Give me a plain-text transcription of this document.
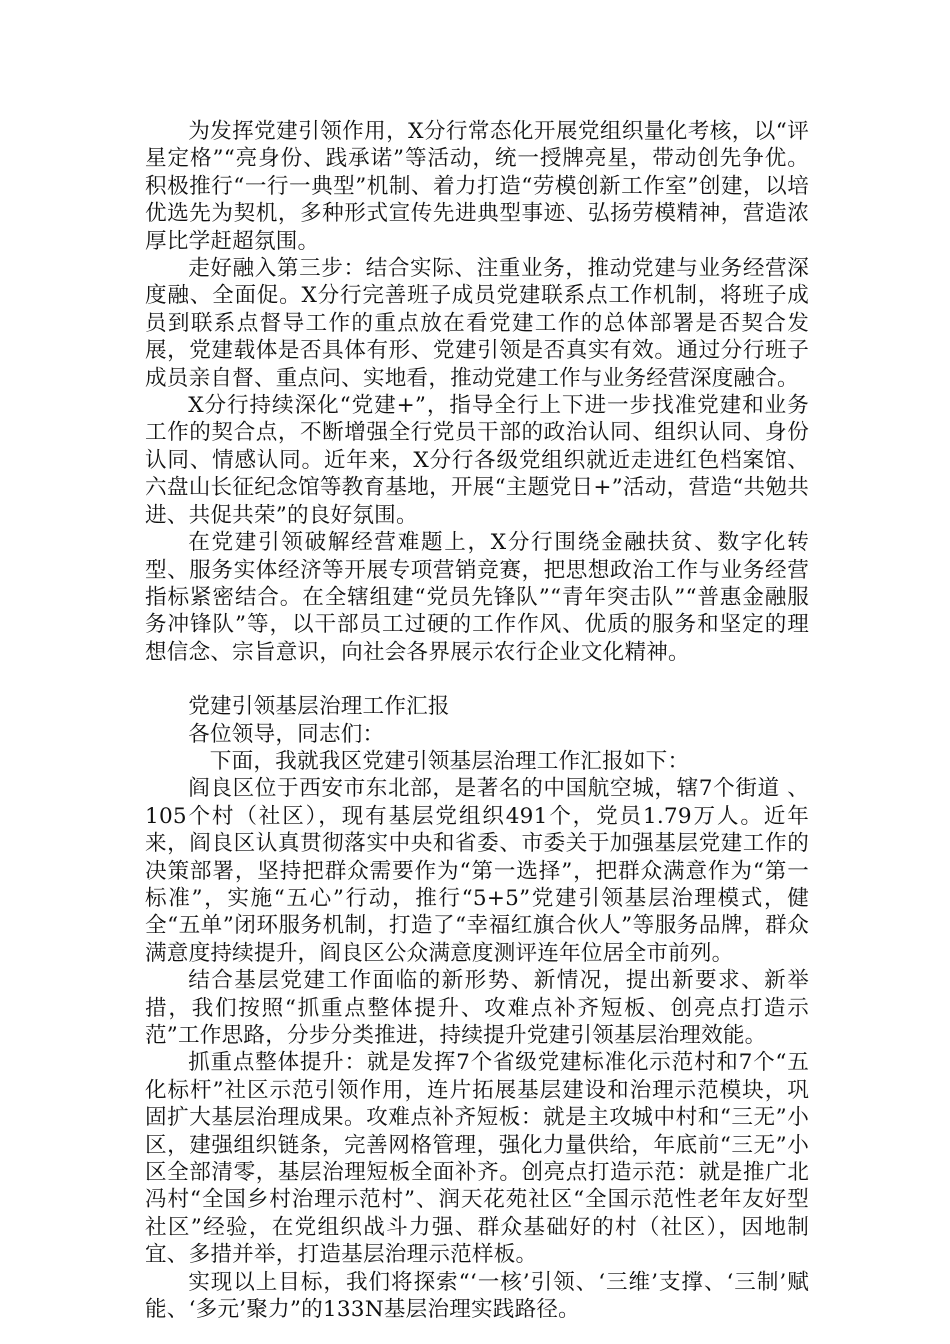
为发挥党建引领作用，X分行常态化开展党组织量化考核，以“评星定格”“亮身份、践承诺”等活动，统一授牌亮星，带动创先争优。积极推行“一行一典型”机制、着力打造“劳模创新工作室”创建，以培优选先为契机，多种形式宣传先进典型事迹、弘扬劳模精神，营造浓厚比学赶超氛围。

走好融入第三步：结合实际、注重业务，推动党建与业务经营深度融、全面促。X分行完善班子成员党建联系点工作机制，将班子成员到联系点督导工作的重点放在看党建工作的总体部署是否契合发展，党建载体是否具体有形、党建引领是否真实有效。通过分行班子成员亲自督、重点问、实地看，推动党建工作与业务经营深度融合。

X分行持续深化“党建+”，指导全行上下进一步找准党建和业务工作的契合点，不断增强全行党员干部的政治认同、组织认同、身份认同、情感认同。近年来，X分行各级党组织就近走进红色档案馆、六盘山长征纪念馆等教育基地，开展“主题党日+”活动，营造“共勉共进、共促共荣”的良好氛围。

在党建引领破解经营难题上，X分行围绕金融扶贫、数字化转型、服务实体经济等开展专项营销竞赛，把思想政治工作与业务经营指标紧密结合。在全辖组建“党员先锋队”“青年突击队”“普惠金融服务冲锋队”等，以干部员工过硬的工作作风、优质的服务和坚定的理想信念、宗旨意识，向社会各界展示农行企业文化精神。

党建引领基层治理工作汇报

各位领导，同志们：

下面，我就我区党建引领基层治理工作汇报如下：

阎良区位于西安市东北部，是著名的中国航空城，辖7个街道 、105个村（社区），现有基层党组织491个，党员1.79万人。近年来，阎良区认真贯彻落实中央和省委、市委关于加强基层党建工作的决策部署，坚持把群众需要作为“第一选择”，把群众满意作为“第一标准”，实施“五心”行动，推行“5+5”党建引领基层治理模式，健全“五单”闭环服务机制，打造了“幸福红旗合伙人”等服务品牌，群众满意度持续提升，阎良区公众满意度测评连年位居全市前列。

结合基层党建工作面临的新形势、新情况，提出新要求、新举措，我们按照“抓重点整体提升、攻难点补齐短板、创亮点打造示范”工作思路，分步分类推进，持续提升党建引领基层治理效能。

抓重点整体提升：就是发挥7个省级党建标准化示范村和7个“五化标杆”社区示范引领作用，连片拓展基层建设和治理示范模块，巩固扩大基层治理成果。攻难点补齐短板：就是主攻城中村和“三无”小区，建强组织链条，完善网格管理，强化力量供给，年底前“三无”小区全部清零，基层治理短板全面补齐。创亮点打造示范：就是推广北冯村“全国乡村治理示范村”、润天花苑社区“全国示范性老年友好型社区”经验，在党组织战斗力强、群众基础好的村（社区），因地制宜、多措并举，打造基层治理示范样板。

实现以上目标，我们将探索“‘一核’引领、‘三维’支撑、‘三制’赋能、‘多元’聚力”的133N基层治理实践路径。
